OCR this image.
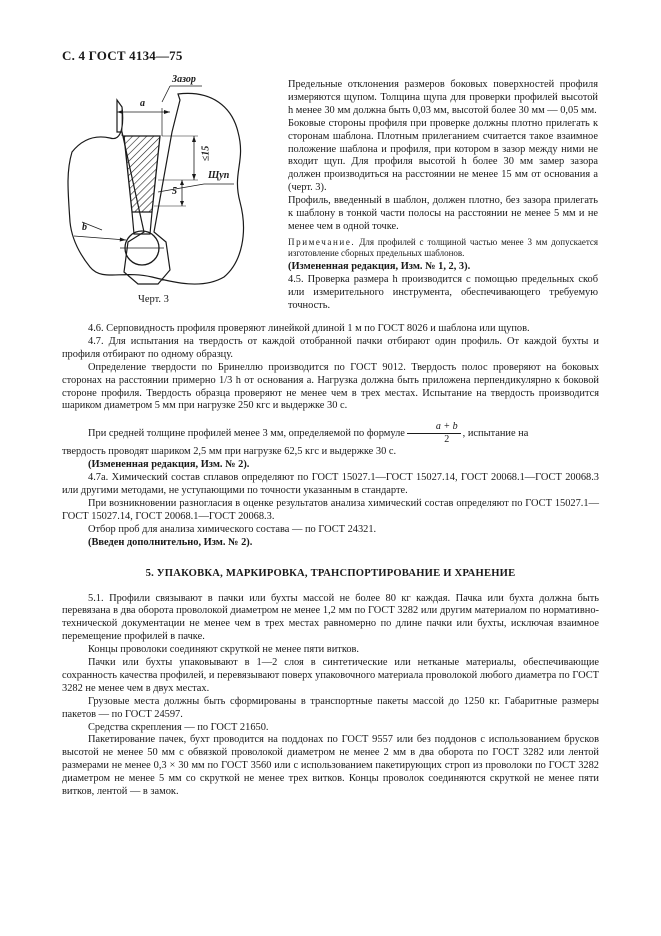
С. 4 ГОСТ 4134—75
Зазор
а
≤15
5
Щуп
b
Черт. 3

Предельные отклонения размеров боковых поверхностей профиля измеряются щупом. Толщина щупа для проверки профилей высотой h менее 30 мм должна быть 0,03 мм, высотой более 30 мм — 0,05 мм.

Боковые стороны профиля при проверке должны плотно прилегать к сторонам шаблона. Плотным прилеганием считается такое взаимное положение шаблона и профиля, при котором в зазор между ними не входит щуп. Для профиля высотой h более 30 мм замер зазора должен производиться на расстоянии не менее 15 мм от основания а (черт. 3).

Профиль, введенный в шаблон, должен плотно, без зазора прилегать к шаблону в тонкой части полосы на расстоянии не менее 5 мм и не менее чем в одной точке.

Примечание. Для профилей с толщиной частью менее 3 мм допускается изготовление сборных предельных шаблонов.

(Измененная редакция, Изм. № 1, 2, 3).

4.5. Проверка размера h производится с помощью предельных скоб или измерительного инструмента, обеспечивающего требуемую точность.

4.6. Серповидность профиля проверяют линейкой длиной 1 м по ГОСТ 8026 и шаблона или щупов.

4.7. Для испытания на твердость от каждой отобранной пачки отбирают один профиль. От каждой бухты и профиля отбирают по одному образцу.

Определение твердости по Бринеллю производится по ГОСТ 9012. Твердость полос проверяют на боковых сторонах на расстоянии примерно 1/3 h от основания а. Нагрузка должна быть приложена перпендикулярно к боковой стороне профиля. Твердость образца проверяют не менее чем в трех местах. Испытание на твердость производится шариком диаметром 5 мм при нагрузке 250 кгс и выдержке 30 с.

При средней толщине профилей менее 3 мм, определяемой по формуле $\frac{a + b}{2}$ , испытание на

твердость проводят шариком 2,5 мм при нагрузке 62,5 кгс и выдержке 30 с.

(Измененная редакция, Изм. № 2).

4.7а. Химический состав сплавов определяют по ГОСТ 15027.1—ГОСТ 15027.14, ГОСТ 20068.1—ГОСТ 20068.3 или другими методами, не уступающими по точности указанным в стандарте.

При возникновении разногласия в оценке результатов анализа химический состав определяют по ГОСТ 15027.1—ГОСТ 15027.14, ГОСТ 20068.1—ГОСТ 20068.3.

Отбор проб для анализа химического состава — по ГОСТ 24321.

(Введен дополнительно, Изм. № 2).

5. УПАКОВКА, МАРКИРОВКА, ТРАНСПОРТИРОВАНИЕ И ХРАНЕНИЕ

5.1. Профили связывают в пачки или бухты массой не более 80 кг каждая. Пачка или бухта должна быть перевязана в два оборота проволокой диаметром не менее 1,2 мм по ГОСТ 3282 или другим материалом по нормативно-технической документации не менее чем в трех местах равномерно по длине пачки или бухты, исключая взаимное перемещение профилей в пачке.

Концы проволоки соединяют скруткой не менее пяти витков.

Пачки или бухты упаковывают в 1—2 слоя в синтетические или нетканые материалы, обеспечивающие сохранность качества профилей, и перевязывают поверх упаковочного материала проволокой любого диаметра по ГОСТ 3282 не менее чем в двух местах.

Грузовые места должны быть сформированы в транспортные пакеты массой до 1250 кг. Габаритные размеры пакетов — по ГОСТ 24597.

Средства скрепления — по ГОСТ 21650.

Пакетирование пачек, бухт проводится на поддонах по ГОСТ 9557 или без поддонов с использованием брусков высотой не менее 50 мм с обвязкой проволокой диаметром не менее 2 мм в два оборота по ГОСТ 3282 или лентой размерами не менее 0,3 × 30 мм по ГОСТ 3560 или с использованием пакетирующих строп из проволоки по ГОСТ 3282 диаметром не менее 5 мм со скруткой не менее трех витков. Концы проволок соединяются скруткой не менее пяти витков, лентой — в замок.
